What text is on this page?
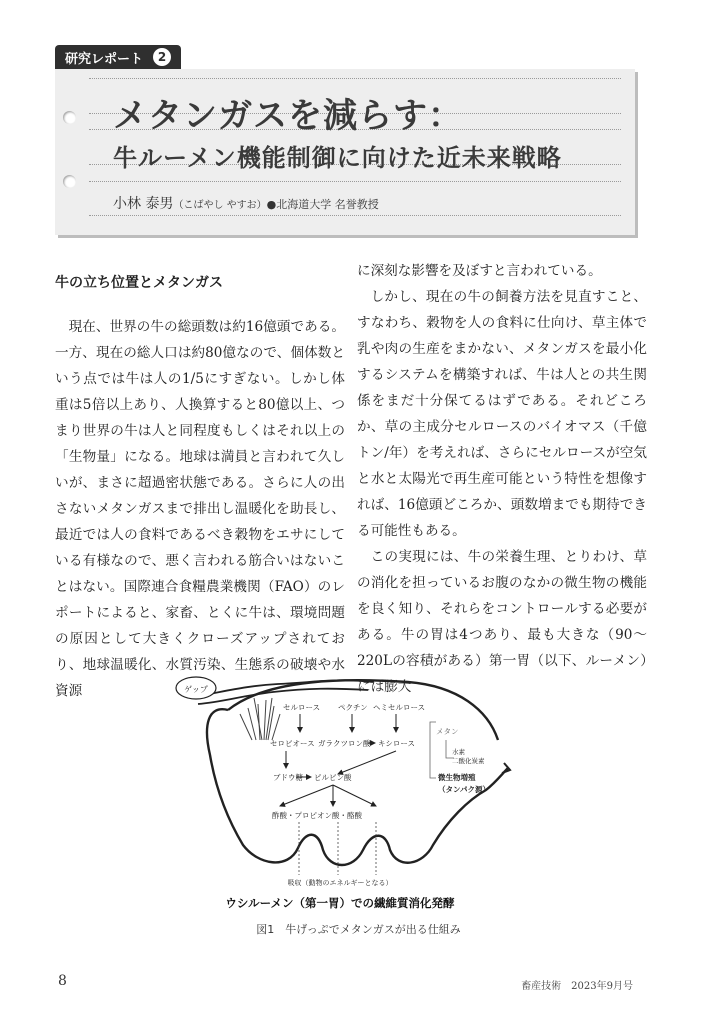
研究レポート	2
メタンガスを減らす：
牛ルーメン機能制御に向けた近未来戦略
小林 泰男（こばやし やすお）●北海道大学 名誉教授
牛の立ち位置とメタンガス

現在、世界の牛の総頭数は約16億頭である。一方、現在の総人口は約80億なので、個体数という点では牛は人の1/5にすぎない。しかし体重は5倍以上あり、人換算すると80億以上、つまり世界の牛は人と同程度もしくはそれ以上の「生物量」になる。地球は満員と言われて久しいが、まさに超過密状態である。さらに人の出さないメタンガスまで排出し温暖化を助長し、最近では人の食料であるべき穀物をエサにしている有様なので、悪く言われる筋合いはないことはない。国際連合食糧農業機関（FAO）のレポートによると、家畜、とくに牛は、環境問題の原因として大きくクローズアップされており、地球温暖化、水質汚染、生態系の破壊や水資源

に深刻な影響を及ぼすと言われている。

しかし、現在の牛の飼養方法を見直すこと、すなわち、穀物を人の食料に仕向け、草主体で乳や肉の生産をまかない、メタンガスを最小化するシステムを構築すれば、牛は人との共生関係をまだ十分保てるはずである。それどころか、草の主成分セルロースのバイオマス（千億トン/年）を考えれば、さらにセルロースが空気と水と太陽光で再生産可能という特性を想像すれば、16億頭どころか、頭数増までも期待できる可能性もある。

この実現には、牛の栄養生理、とりわけ、草の消化を担っているお腹のなかの微生物の機能を良く知り、それらをコントロールする必要がある。牛の胃は4つあり、最も大きな（90〜220Lの容積がある）第一胃（以下、ルーメン）には膨大

ゲップ
セルロース ペクチン ヘミセルロース
セロビオース ガラクツロン酸 キシロース
ブドウ糖 ピルビン酸
酢酸・プロピオン酸・酪酸
メタン
水素
二酸化炭素
微生物増殖
（タンパク源）
吸収（動物のエネルギーとなる）
ウシルーメン（第一胃）での繊維質消化発酵
図1　牛げっぷでメタンガスが出る仕組み
8	畜産技術　2023年9月号
